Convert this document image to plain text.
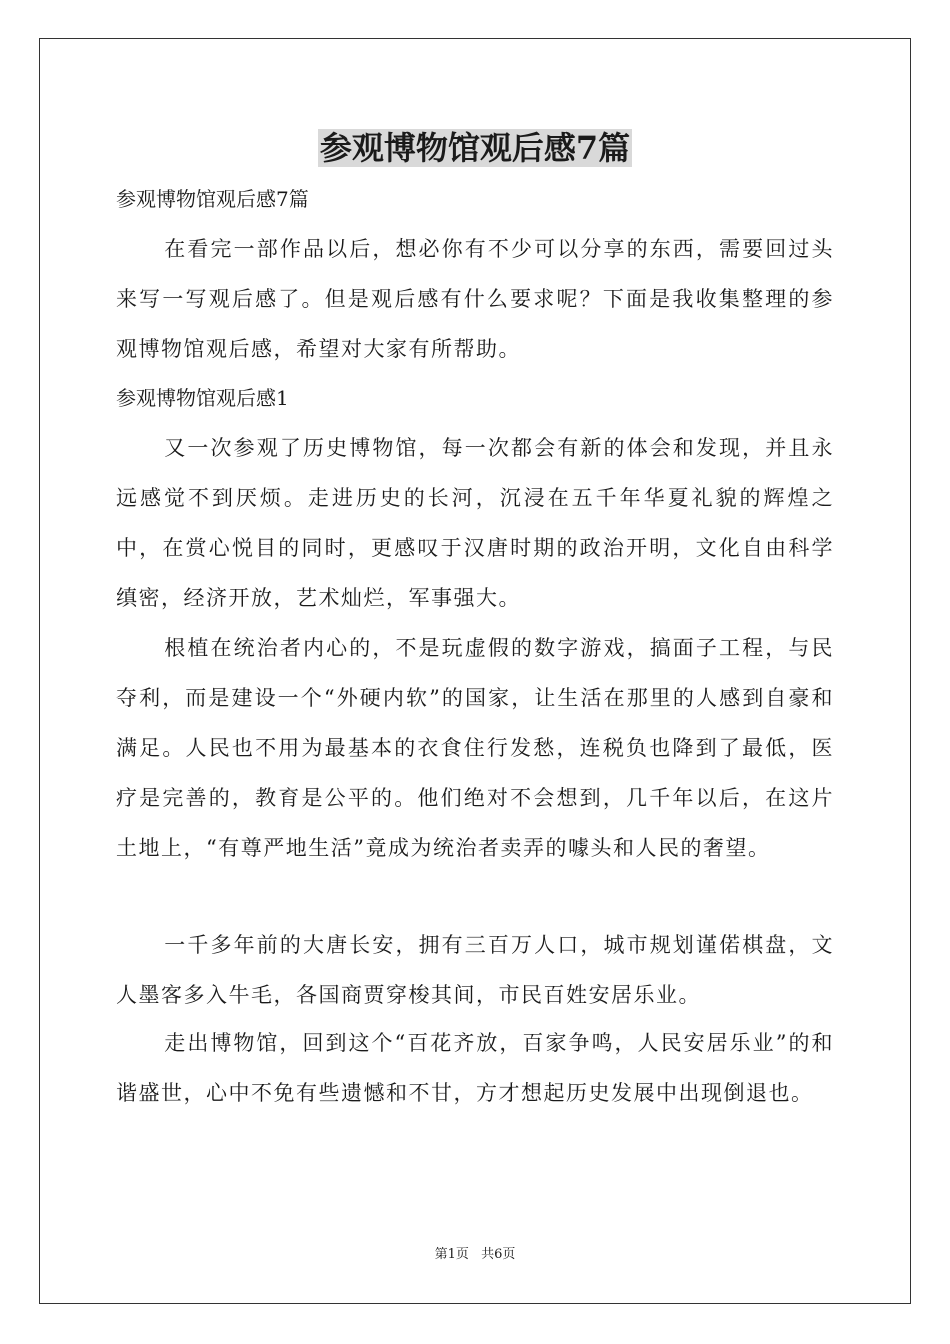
参观博物馆观后感7篇

参观博物馆观后感7篇

在看完一部作品以后，想必你有不少可以分享的东西，需要回过头来写一写观后感了。但是观后感有什么要求呢？下面是我收集整理的参观博物馆观后感，希望对大家有所帮助。

参观博物馆观后感1

又一次参观了历史博物馆，每一次都会有新的体会和发现，并且永远感觉不到厌烦。走进历史的长河，沉浸在五千年华夏礼貌的辉煌之中，在赏心悦目的同时，更感叹于汉唐时期的政治开明，文化自由科学缜密，经济开放，艺术灿烂，军事强大。

根植在统治者内心的，不是玩虚假的数字游戏，搞面子工程，与民夺利，而是建设一个“外硬内软”的国家，让生活在那里的人感到自豪和满足。人民也不用为最基本的衣食住行发愁，连税负也降到了最低，医疗是完善的，教育是公平的。他们绝对不会想到，几千年以后，在这片土地上，“有尊严地生活”竟成为统治者卖弄的噱头和人民的奢望。

一千多年前的大唐长安，拥有三百万人口，城市规划谨偌棋盘，文人墨客多入牛毛，各国商贾穿梭其间，市民百姓安居乐业。

走出博物馆，回到这个“百花齐放，百家争鸣，人民安居乐业”的和谐盛世，心中不免有些遗憾和不甘，方才想起历史发展中出现倒退也。

第1页 共6页
